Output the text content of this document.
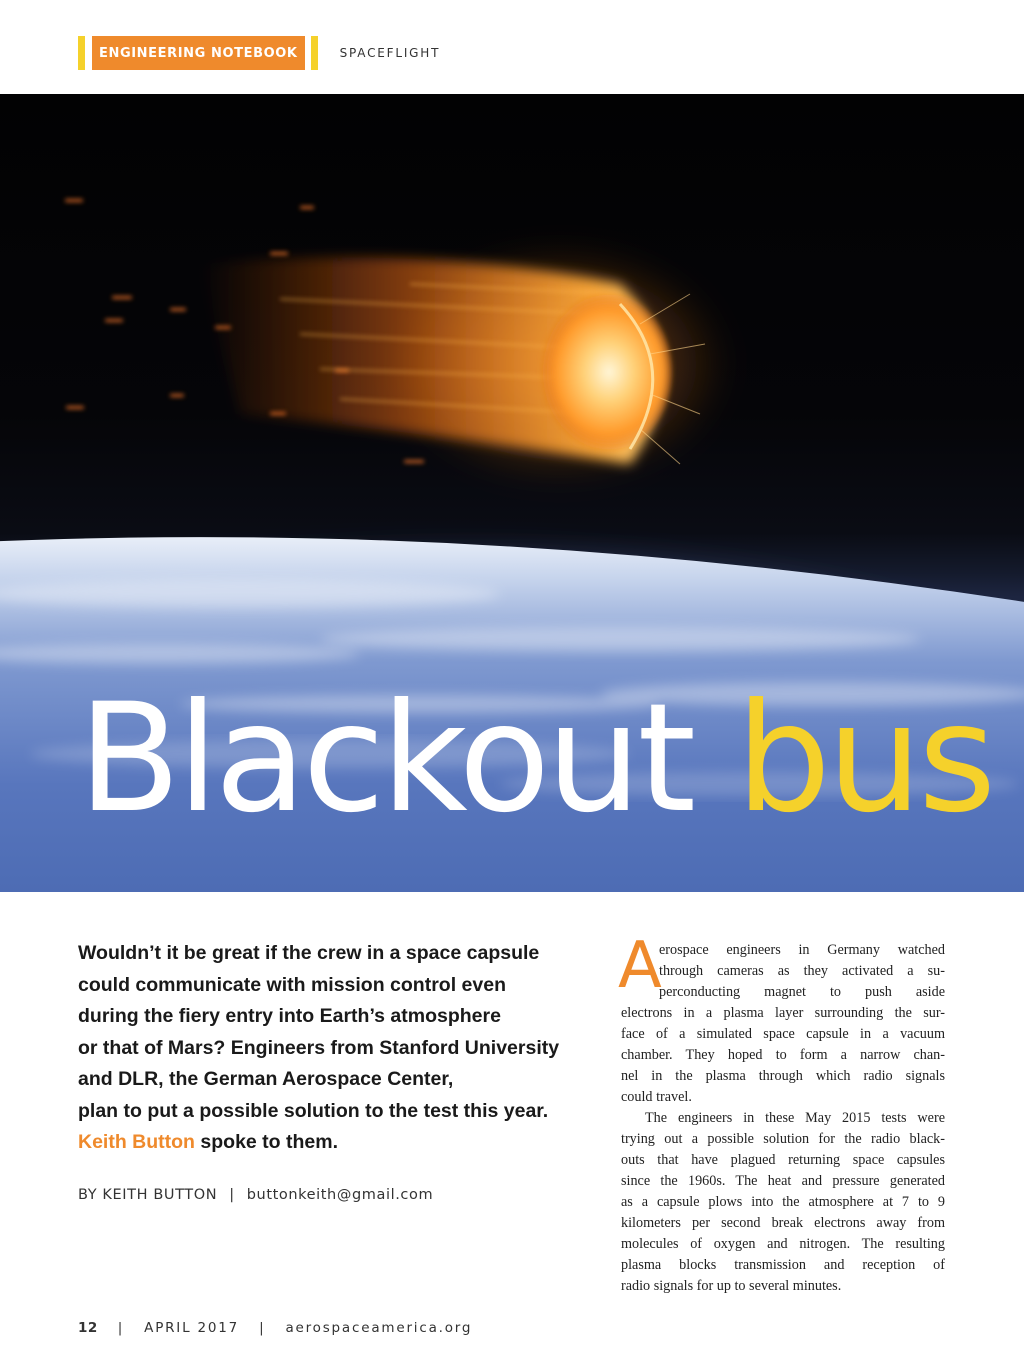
ENGINEERING NOTEBOOK	SPACEFLIGHT
Blackout bus
Wouldn’t it be great if the crew in a space capsule
could communicate with mission control even
during the fiery entry into Earth’s atmosphere
or that of Mars? Engineers from Stanford University
and DLR, the German Aerospace Center,
plan to put a possible solution to the test this year.
Keith Button spoke to them.
BY KEITH BUTTON | buttonkeith@gmail.com
A
erospace engineers in Germany watched
through cameras as they activated a su-
perconducting magnet to push aside
electrons in a plasma layer surrounding the sur-
face of a simulated space capsule in a vacuum
chamber. They hoped to form a narrow chan-
nel in the plasma through which radio signals
could travel.
The engineers in these May 2015 tests were
trying out a possible solution for the radio black-
outs that have plagued returning space capsules
since the 1960s. The heat and pressure generated
as a capsule plows into the atmosphere at 7 to 9
kilometers per second break electrons away from
molecules of oxygen and nitrogen. The resulting
plasma blocks transmission and reception of
radio signals for up to several minutes.
12 | APRIL 2017 | aerospaceamerica.org
